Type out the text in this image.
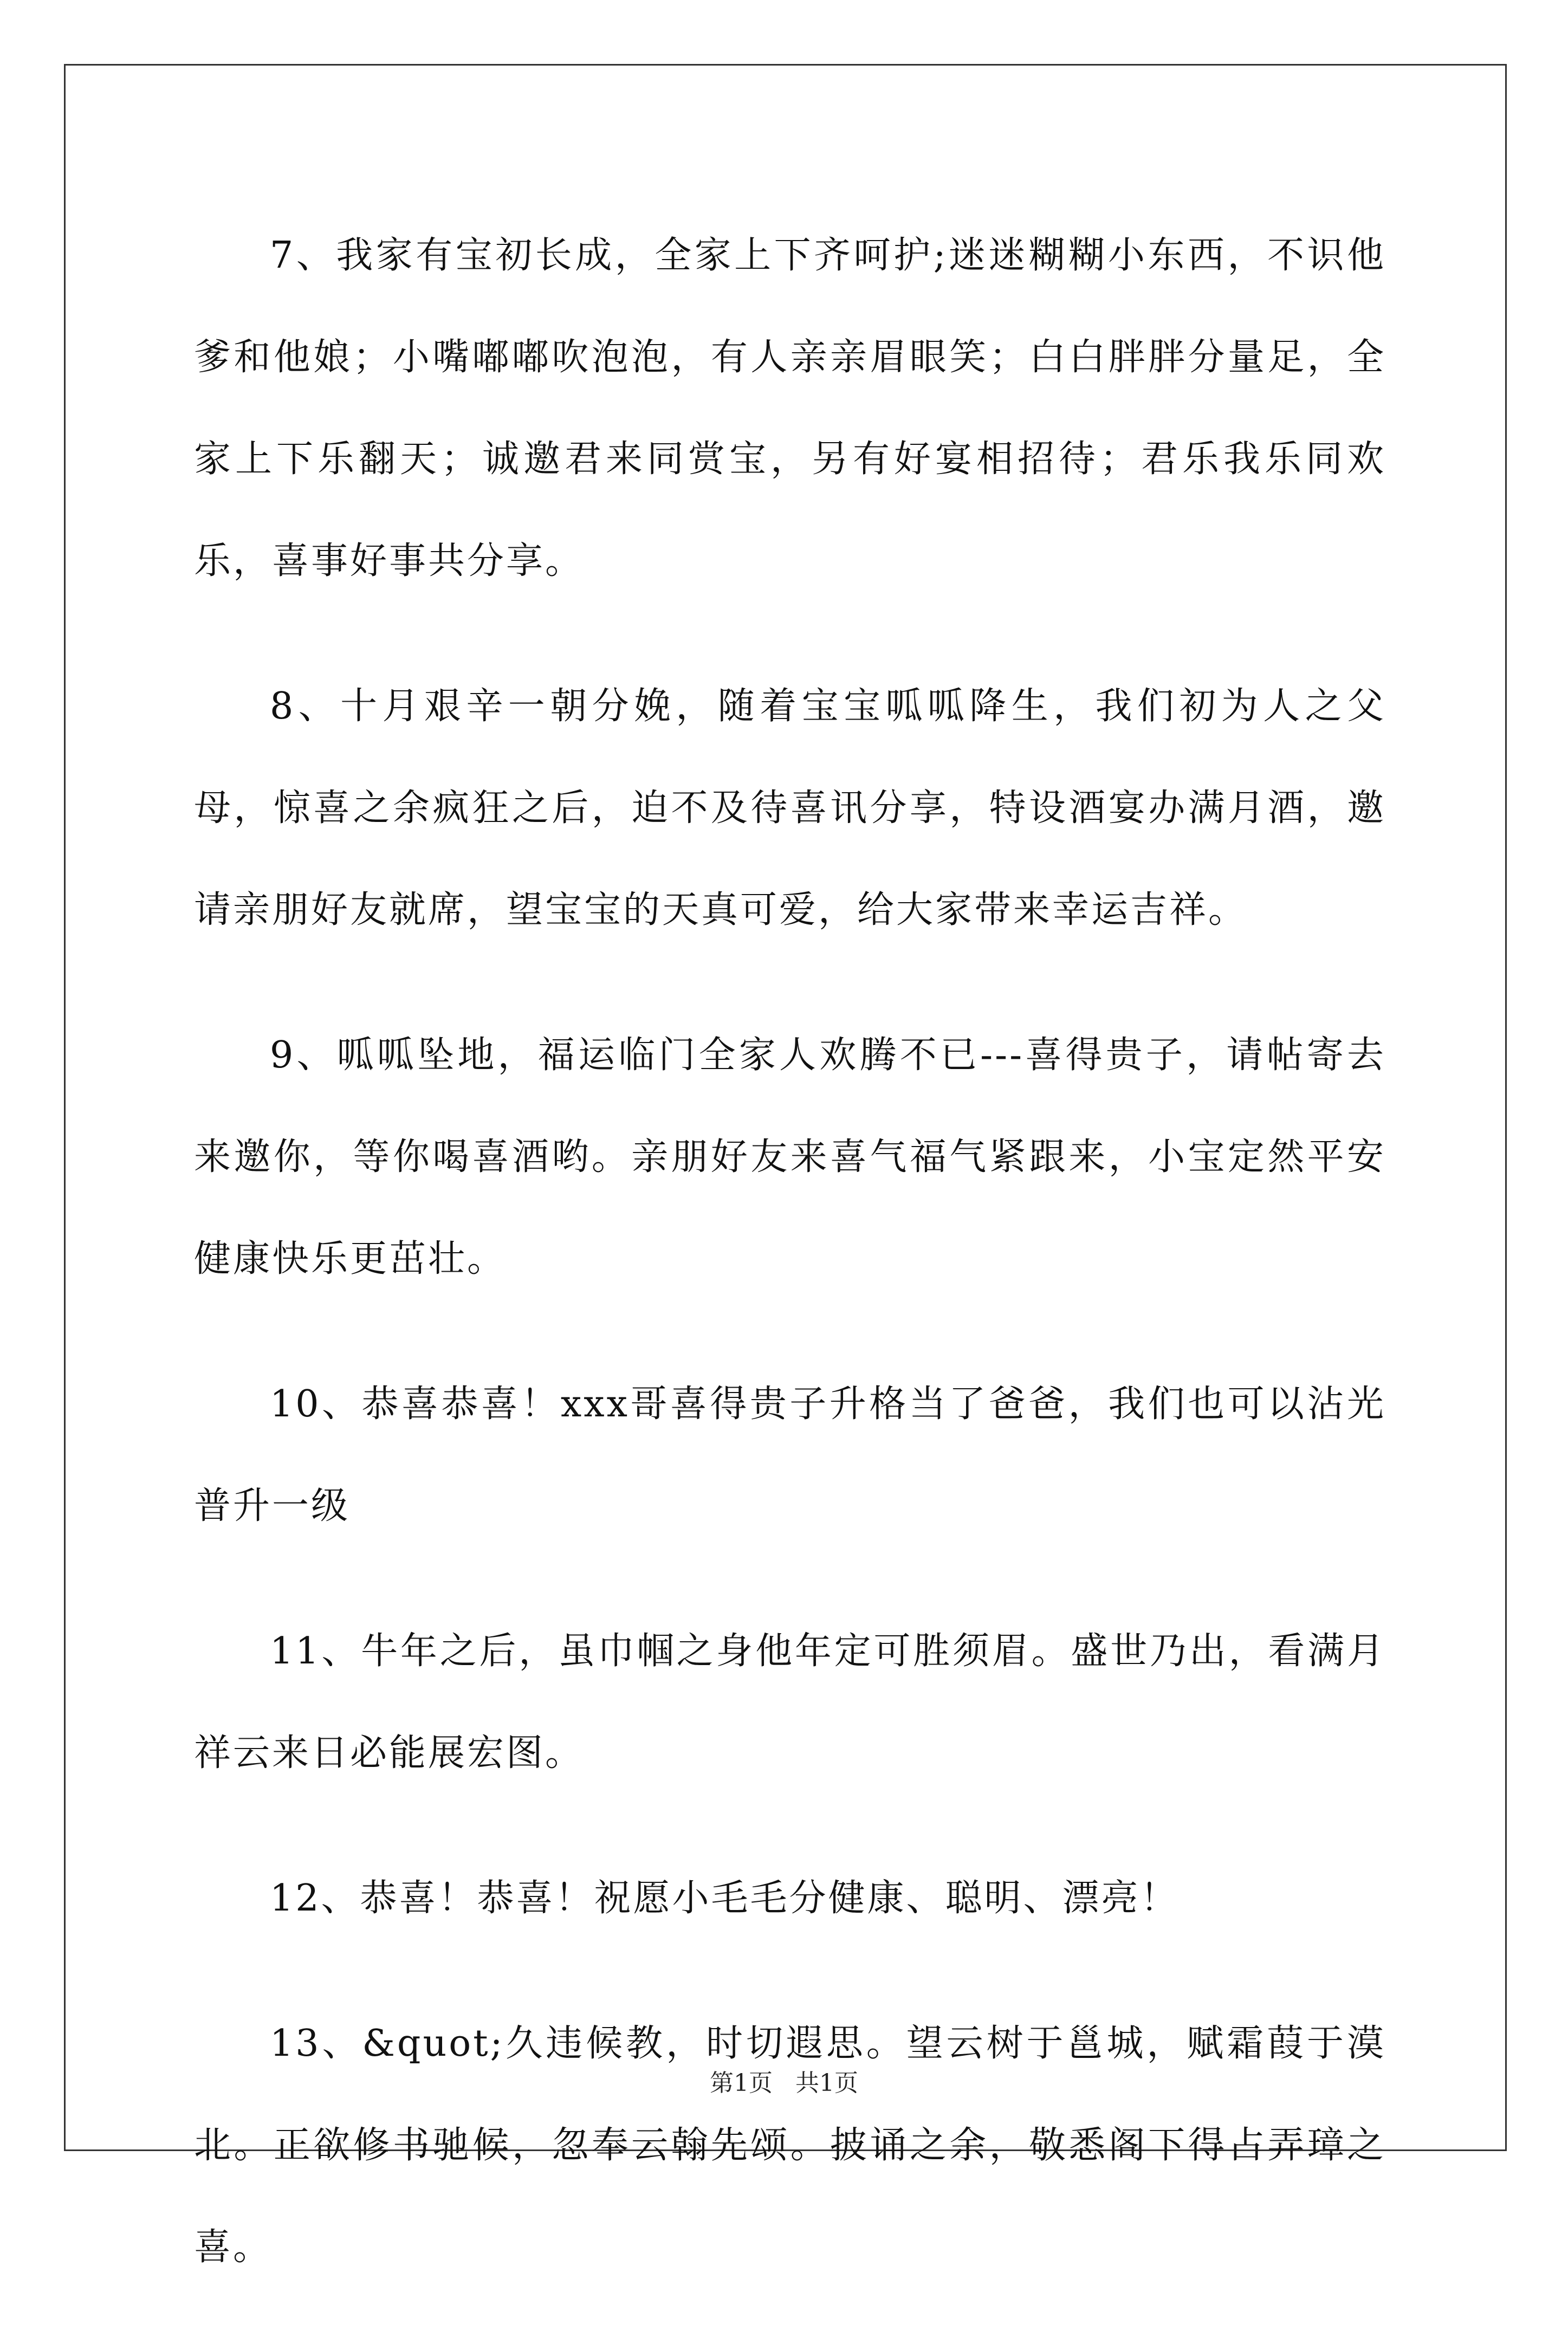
7、我家有宝初长成，全家上下齐呵护;迷迷糊糊小东西，不识他爹和他娘；小嘴嘟嘟吹泡泡，有人亲亲眉眼笑；白白胖胖分量足，全家上下乐翻天；诚邀君来同赏宝，另有好宴相招待；君乐我乐同欢乐，喜事好事共分享。

8、十月艰辛一朝分娩，随着宝宝呱呱降生，我们初为人之父母，惊喜之余疯狂之后，迫不及待喜讯分享，特设酒宴办满月酒，邀请亲朋好友就席，望宝宝的天真可爱，给大家带来幸运吉祥。

9、呱呱坠地，福运临门全家人欢腾不已---喜得贵子，请帖寄去来邀你，等你喝喜酒哟。亲朋好友来喜气福气紧跟来，小宝定然平安健康快乐更茁壮。

10、恭喜恭喜！xxx哥喜得贵子升格当了爸爸，我们也可以沾光普升一级

11、牛年之后，虽巾帼之身他年定可胜须眉。盛世乃出，看满月祥云来日必能展宏图。

12、恭喜！恭喜！祝愿小毛毛分健康、聪明、漂亮！

13、&quot;久违候教，时切遐思。望云树于邕城，赋霜葭于漠北。正欲修书驰候，忽奉云翰先颂。披诵之余，敬悉阁下得占弄璋之喜。

第1页 共1页
